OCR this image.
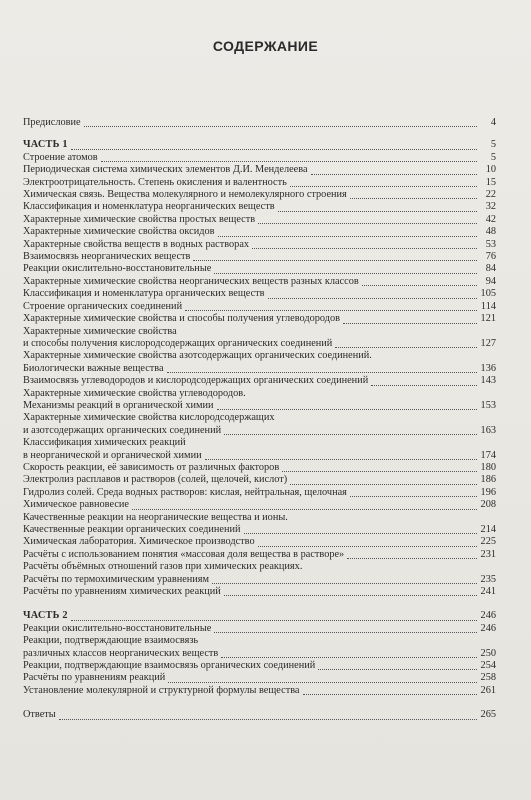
СОДЕРЖАНИЕ
Предисловие	4
ЧАСТЬ 1	5
Строение атомов	5
Периодическая система химических элементов Д.И. Менделеева	10
Электроотрицательность. Степень окисления и валентность	15
Химическая связь. Вещества молекулярного и немолекулярного строения	22
Классификация и номенклатура неорганических веществ	32
Характерные химические свойства простых веществ	42
Характерные химические свойства оксидов	48
Характерные свойства веществ в водных растворах	53
Взаимосвязь неорганических веществ	76
Реакции окислительно-восстановительные	84
Характерные химические свойства неорганических веществ разных классов	94
Классификация и номенклатура органических веществ	105
Строение органических соединений	114
Характерные химические свойства и способы получения углеводородов	121
Характерные химические свойства
и способы получения кислородсодержащих органических соединений	127
Характерные химические свойства азотсодержащих органических соединений.
Биологически важные вещества	136
Взаимосвязь углеводородов и кислородсодержащих органических соединений	143
Характерные химические свойства углеводородов.
Механизмы реакций в органической химии	153
Характерные химические свойства кислородсодержащих
и азотсодержащих органических соединений	163
Классификация химических реакций
в неорганической и органической химии	174
Скорость реакции, её зависимость от различных факторов	180
Электролиз расплавов и растворов (солей, щелочей, кислот)	186
Гидролиз солей. Среда водных растворов: кислая, нейтральная, щелочная	196
Химическое равновесие	208
Качественные реакции на неорганические вещества и ионы.
Качественные реакции органических соединений	214
Химическая лаборатория. Химическое производство	225
Расчёты с использованием понятия «массовая доля вещества в растворе»	231
Расчёты объёмных отношений газов при химических реакциях.
Расчёты по термохимическим уравнениям	235
Расчёты по уравнениям химических реакций	241
ЧАСТЬ 2	246
Реакции окислительно-восстановительные	246
Реакции, подтверждающие взаимосвязь
различных классов неорганических веществ	250
Реакции, подтверждающие взаимосвязь органических соединений	254
Расчёты по уравнениям реакций	258
Установление молекулярной и структурной формулы вещества	261
Ответы	265
